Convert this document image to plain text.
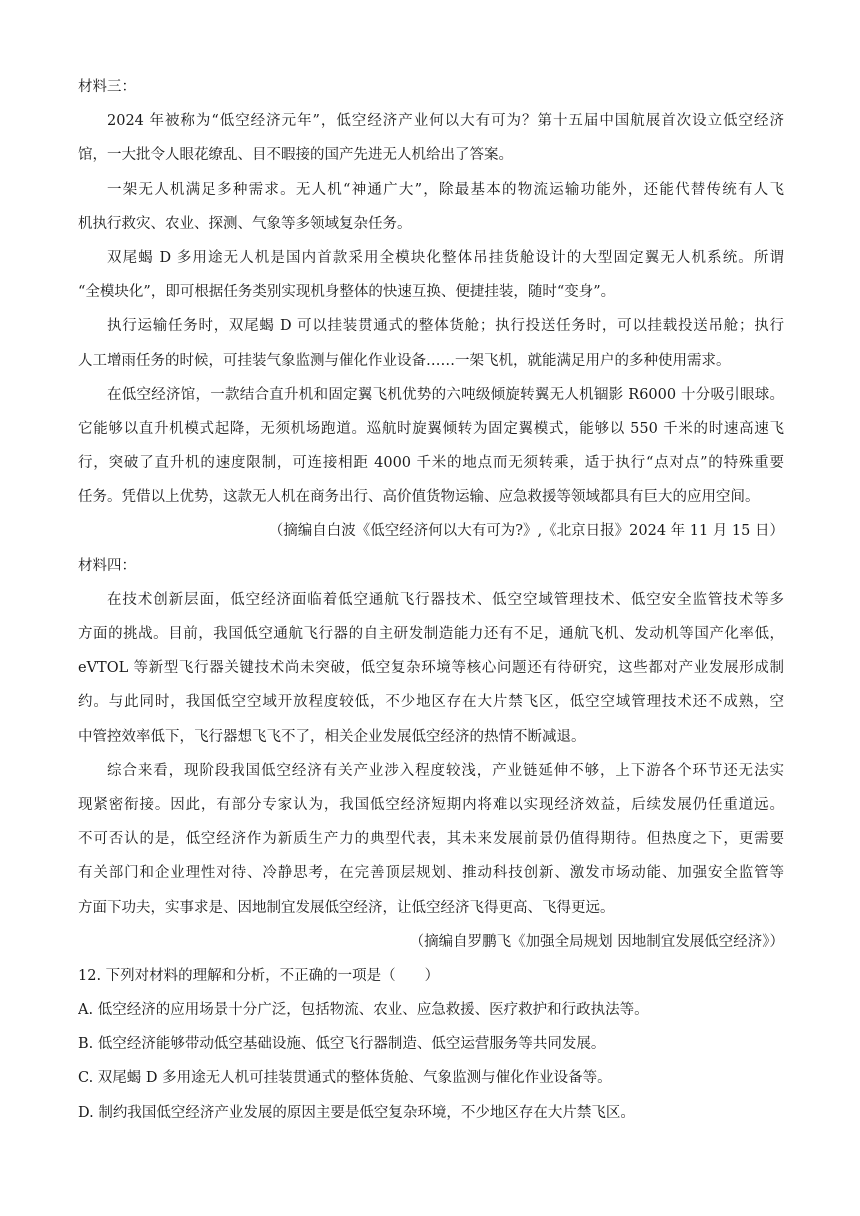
材料三：
2024 年被称为“低空经济元年”，低空经济产业何以大有可为？第十五届中国航展首次设立低空经济
馆，一大批令人眼花缭乱、目不暇接的国产先进无人机给出了答案。
一架无人机满足多种需求。无人机“神通广大”，除最基本的物流运输功能外，还能代替传统有人飞
机执行救灾、农业、探测、气象等多领域复杂任务。
双尾蝎 D 多用途无人机是国内首款采用全模块化整体吊挂货舱设计的大型固定翼无人机系统。所谓
“全模块化”，即可根据任务类别实现机身整体的快速互换、便捷挂装，随时“变身”。
执行运输任务时，双尾蝎 D 可以挂装贯通式的整体货舱；执行投送任务时，可以挂载投送吊舱；执行
人工增雨任务的时候，可挂装气象监测与催化作业设备……一架飞机，就能满足用户的多种使用需求。
在低空经济馆，一款结合直升机和固定翼飞机优势的六吨级倾旋转翼无人机锢影 R6000 十分吸引眼球。
它能够以直升机模式起降，无须机场跑道。巡航时旋翼倾转为固定翼模式，能够以 550 千米的时速高速飞
行，突破了直升机的速度限制，可连接相距 4000 千米的地点而无须转乘，适于执行“点对点”的特殊重要
任务。凭借以上优势，这款无人机在商务出行、高价值货物运输、应急救援等领域都具有巨大的应用空间。
（摘编自白波《低空经济何以大有可为?》,《北京日报》2024 年 11 月 15 日）
材料四：
在技术创新层面，低空经济面临着低空通航飞行器技术、低空空域管理技术、低空安全监管技术等多
方面的挑战。目前，我国低空通航飞行器的自主研发制造能力还有不足，通航飞机、发动机等国产化率低，
eVTOL 等新型飞行器关键技术尚未突破，低空复杂环境等核心问题还有待研究，这些都对产业发展形成制
约。与此同时，我国低空空域开放程度较低，不少地区存在大片禁飞区，低空空域管理技术还不成熟，空
中管控效率低下，飞行器想飞飞不了，相关企业发展低空经济的热情不断减退。
综合来看，现阶段我国低空经济有关产业涉入程度较浅，产业链延伸不够，上下游各个环节还无法实
现紧密衔接。因此，有部分专家认为，我国低空经济短期内将难以实现经济效益，后续发展仍任重道远。
不可否认的是，低空经济作为新质生产力的典型代表，其未来发展前景仍值得期待。但热度之下，更需要
有关部门和企业理性对待、冷静思考，在完善顶层规划、推动科技创新、激发市场动能、加强安全监管等
方面下功夫，实事求是、因地制宜发展低空经济，让低空经济飞得更高、飞得更远。
（摘编自罗鹏飞《加强全局规划 因地制宜发展低空经济》）
12. 下列对材料的理解和分析，不正确的一项是（　　）
A. 低空经济的应用场景十分广泛，包括物流、农业、应急救援、医疗救护和行政执法等。
B. 低空经济能够带动低空基础设施、低空飞行器制造、低空运营服务等共同发展。
C. 双尾蝎 D 多用途无人机可挂装贯通式的整体货舱、气象监测与催化作业设备等。
D. 制约我国低空经济产业发展的原因主要是低空复杂环境，不少地区存在大片禁飞区。
